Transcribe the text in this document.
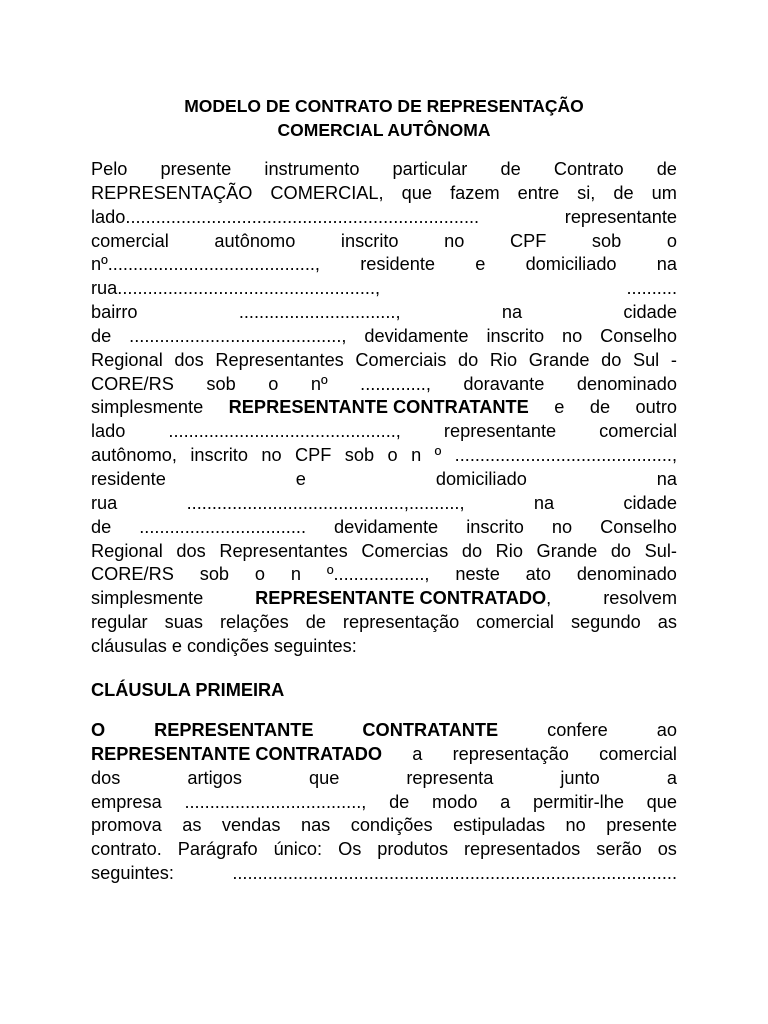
MODELO DE CONTRATO DE REPRESENTAÇÃO
COMERCIAL AUTÔNOMA
Pelo presente instrumento particular de Contrato de
REPRESENTAÇÃO COMERCIAL, que fazem entre si, de um
lado......................................................................	representante
comercial	autônomo	inscrito	no	CPF	sob	o
nº........................................., residente e domiciliado na
rua...................................................,	..........
bairro	...............................,	na	cidade
de .........................................., devidamente inscrito no Conselho
Regional dos Representantes Comerciais do Rio Grande do Sul -
CORE/RS sob o nº ............., doravante denominado
simplesmente REPRESENTANTE CONTRATANTE e de outro
lado ............................................., representante comercial
autônomo, inscrito no CPF sob o n º ...........................................,
residente	e	domiciliado	na
rua	...........................................,..........,	na	cidade
de ................................. devidamente inscrito no Conselho
Regional dos Representantes Comercias do Rio Grande do Sul-
CORE/RS sob o n º.................., neste ato denominado
simplesmente	REPRESENTANTE CONTRATADO,	resolvem
regular suas relações de representação comercial segundo as
cláusulas e condições seguintes:
CLÁUSULA PRIMEIRA
O	REPRESENTANTE	CONTRATANTE	confere	ao
REPRESENTANTE CONTRATADO a representação comercial
dos	artigos	que	representa	junto	a
empresa ..................................., de modo a permitir-lhe que
promova as vendas nas condições estipuladas no presente
contrato. Parágrafo único: Os produtos representados serão os
seguintes:	........................................................................................
